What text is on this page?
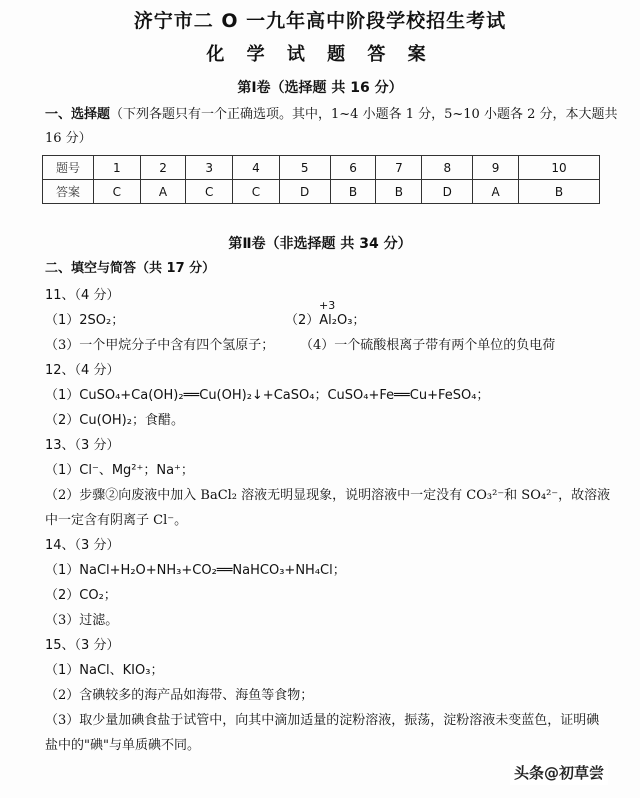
济宁市二 O 一九年高中阶段学校招生考试
化 学 试 题 答 案
第Ⅰ卷（选择题 共 16 分）
一、选择题（下列各题只有一个正确选项。其中，1~4 小题各 1 分，5~10 小题各 2 分，本大题共
16 分）
题号	1	2	3	4	5	6	7	8	9	10
答案	C	A	C	C	D	B	B	D	A	B
第Ⅱ卷（非选择题 共 34 分）
二、填空与简答（共 17 分）
11、（4 分）
+3
（1）2SO₂；	（2）Al₂O₃；
（3）一个甲烷分子中含有四个氢原子； （4）一个硫酸根离子带有两个单位的负电荷
12、（4 分）
（1）CuSO₄+Ca(OH)₂══Cu(OH)₂↓+CaSO₄；CuSO₄+Fe══Cu+FeSO₄；
（2）Cu(OH)₂；食醋。
13、（3 分）
（1）Cl⁻、Mg²⁺；Na⁺；
（2）步骤②向废液中加入 BaCl₂ 溶液无明显现象，说明溶液中一定没有 CO₃²⁻和 SO₄²⁻，故溶液
中一定含有阴离子 Cl⁻。
14、（3 分）
（1）NaCl+H₂O+NH₃+CO₂══NaHCO₃+NH₄Cl；
（2）CO₂；
（3）过滤。
15、（3 分）
（1）NaCl、KIO₃；
（2）含碘较多的海产品如海带、海鱼等食物；
（3）取少量加碘食盐于试管中，向其中滴加适量的淀粉溶液，振荡，淀粉溶液未变蓝色，证明碘
盐中的"碘"与单质碘不同。
头条@初草尝
